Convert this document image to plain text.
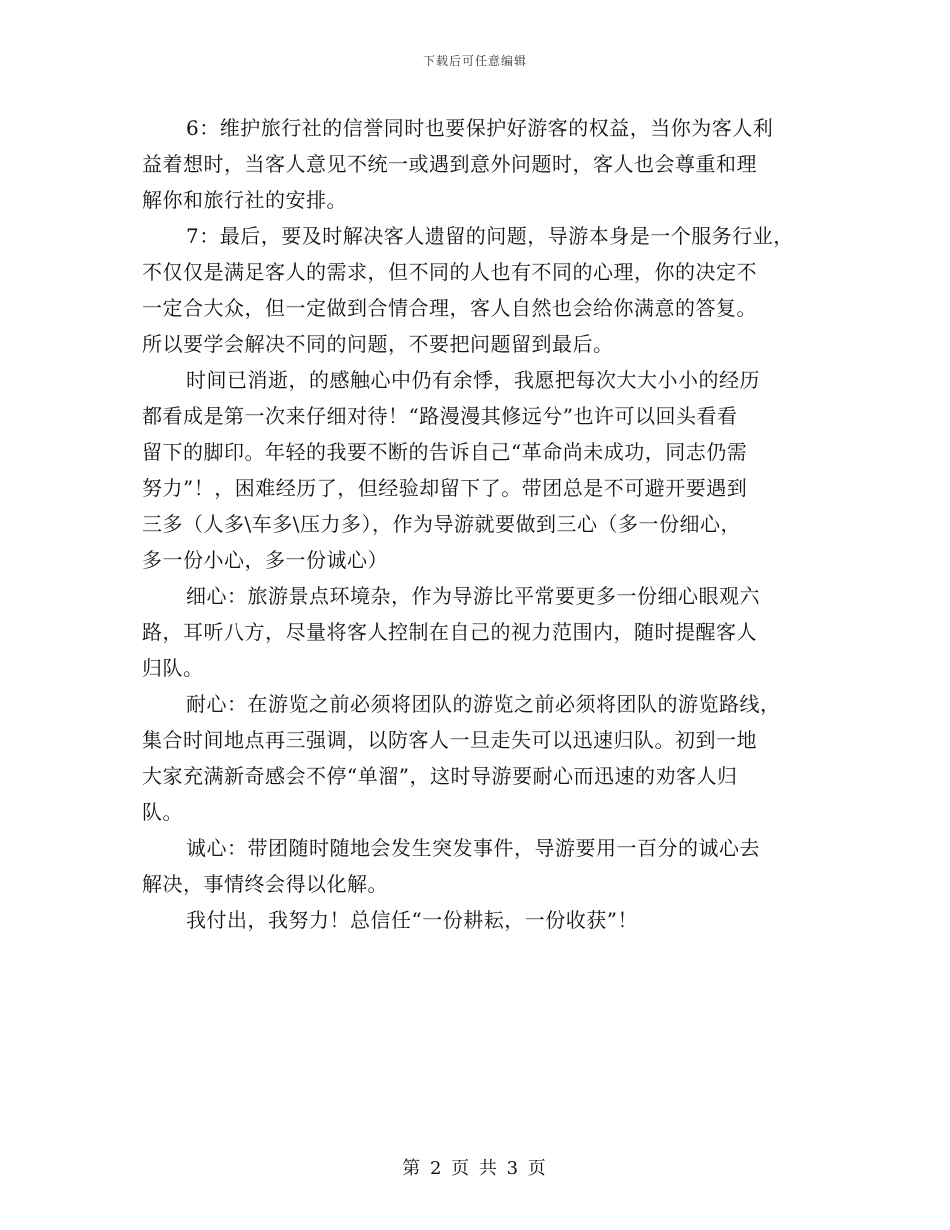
下载后可任意编辑
6：维护旅行社的信誉同时也要保护好游客的权益，当你为客人利
益着想时，当客人意见不统一或遇到意外问题时，客人也会尊重和理
解你和旅行社的安排。
7：最后，要及时解决客人遗留的问题，导游本身是一个服务行业，
不仅仅是满足客人的需求，但不同的人也有不同的心理，你的决定不
一定合大众，但一定做到合情合理，客人自然也会给你满意的答复。
所以要学会解决不同的问题，不要把问题留到最后。
时间已消逝，的感触心中仍有余悸，我愿把每次大大小小的经历
都看成是第一次来仔细对待！“路漫漫其修远兮”也许可以回头看看
留下的脚印。年轻的我要不断的告诉自己“革命尚未成功，同志仍需
努力”！，困难经历了，但经验却留下了。带团总是不可避开要遇到
三多（人多\车多\压力多），作为导游就要做到三心（多一份细心，
多一份小心，多一份诚心）
细心：旅游景点环境杂，作为导游比平常要更多一份细心眼观六
路，耳听八方，尽量将客人控制在自己的视力范围内，随时提醒客人
归队。
耐心：在游览之前必须将团队的游览之前必须将团队的游览路线，
集合时间地点再三强调，以防客人一旦走失可以迅速归队。初到一地
大家充满新奇感会不停“单溜”，这时导游要耐心而迅速的劝客人归
队。
诚心：带团随时随地会发生突发事件，导游要用一百分的诚心去
解决，事情终会得以化解。
我付出，我努力！总信任“一份耕耘，一份收获”！
第 2 页 共 3 页
